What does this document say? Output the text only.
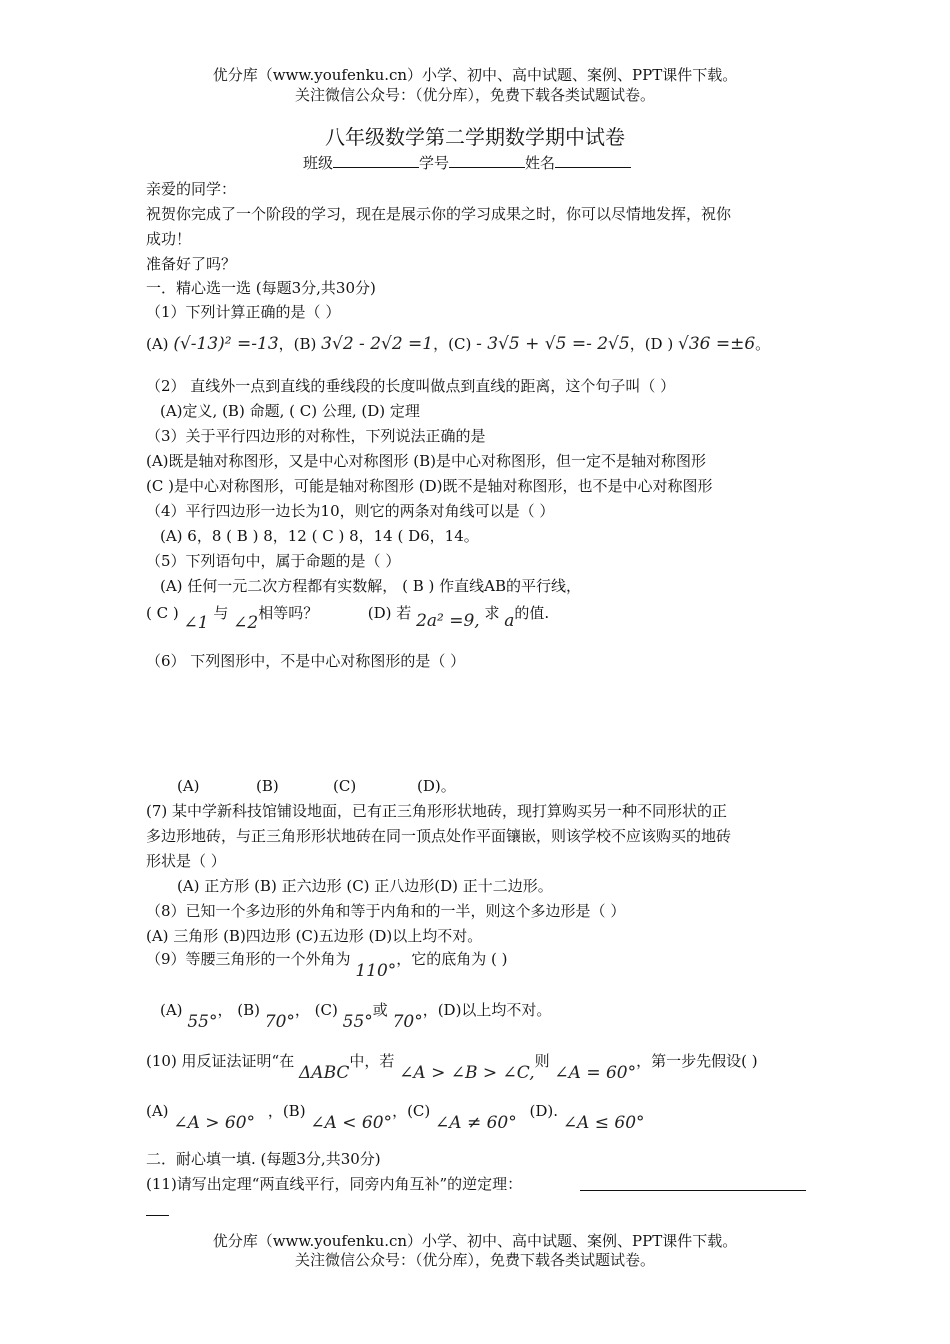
优分库（www.youfenku.cn）小学、初中、高中试题、案例、PPT课件下载。
关注微信公众号：（优分库），免费下载各类试题试卷。
八年级数学第二学期数学期中试卷
班级	学号	姓名
亲爱的同学：
祝贺你完成了一个阶段的学习，现在是展示你的学习成果之时，你可以尽情地发挥，祝你
成功！
准备好了吗？
一．精心选一选 (每题3分,共30分)
（1）下列计算正确的是（ ）
(A) (√-13)² =-13，(B) 3√2 - 2√2 =1，(C) - 3√5 + √5 =- 2√5，(D ) √36 =±6。
（2） 直线外一点到直线的垂线段的长度叫做点到直线的距离，这个句子叫（ ）
(A)定义, (B) 命题, ( C) 公理, (D) 定理
（3）关于平行四边形的对称性，下列说法正确的是
(A)既是轴对称图形，又是中心对称图形 (B)是中心对称图形，但一定不是轴对称图形
(C )是中心对称图形，可能是轴对称图形 (D)既不是轴对称图形，也不是中心对称图形
（4）平行四边形一边长为10，则它的两条对角线可以是（ ）
(A) 6，8 ( B ) 8，12 ( C ) 8，14 ( D6，14。
（5）下列语句中，属于命题的是（ ）
(A) 任何一元二次方程都有实数解， ( B ) 作直线AB的平行线，
( C ) ∠1 与 ∠2相等吗？	(D) 若 2a² =9, 求 a的值.
（6） 下列图形中，不是中心对称图形的是（ ）
(A)	(B)	(C)	(D)。
(7) 某中学新科技馆铺设地面，已有正三角形形状地砖，现打算购买另一种不同形状的正
多边形地砖，与正三角形形状地砖在同一顶点处作平面镶嵌，则该学校不应该购买的地砖
形状是（ ）
(A) 正方形 (B) 正六边形 (C) 正八边形(D) 正十二边形。
（8）已知一个多边形的外角和等于内角和的一半，则这个多边形是（ ）
(A) 三角形 (B)四边形 (C)五边形 (D)以上均不对。
（9）等腰三角形的一个外角为 110°，它的底角为 ( )
(A) 55°， (B) 70°， (C) 55°或 70°，(D)以上均不对。
(10) 用反证法证明“在 ΔABC中，若 ∠A > ∠B > ∠C,则 ∠A = 60°，第一步先假设( )
(A) ∠A > 60° ，(B) ∠A < 60°，(C) ∠A ≠ 60° (D). ∠A ≤ 60°
二．耐心填一填. (每题3分,共30分)
(11)请写出定理“两直线平行，同旁内角互补”的逆定理：
优分库（www.youfenku.cn）小学、初中、高中试题、案例、PPT课件下载。
关注微信公众号：（优分库），免费下载各类试题试卷。
